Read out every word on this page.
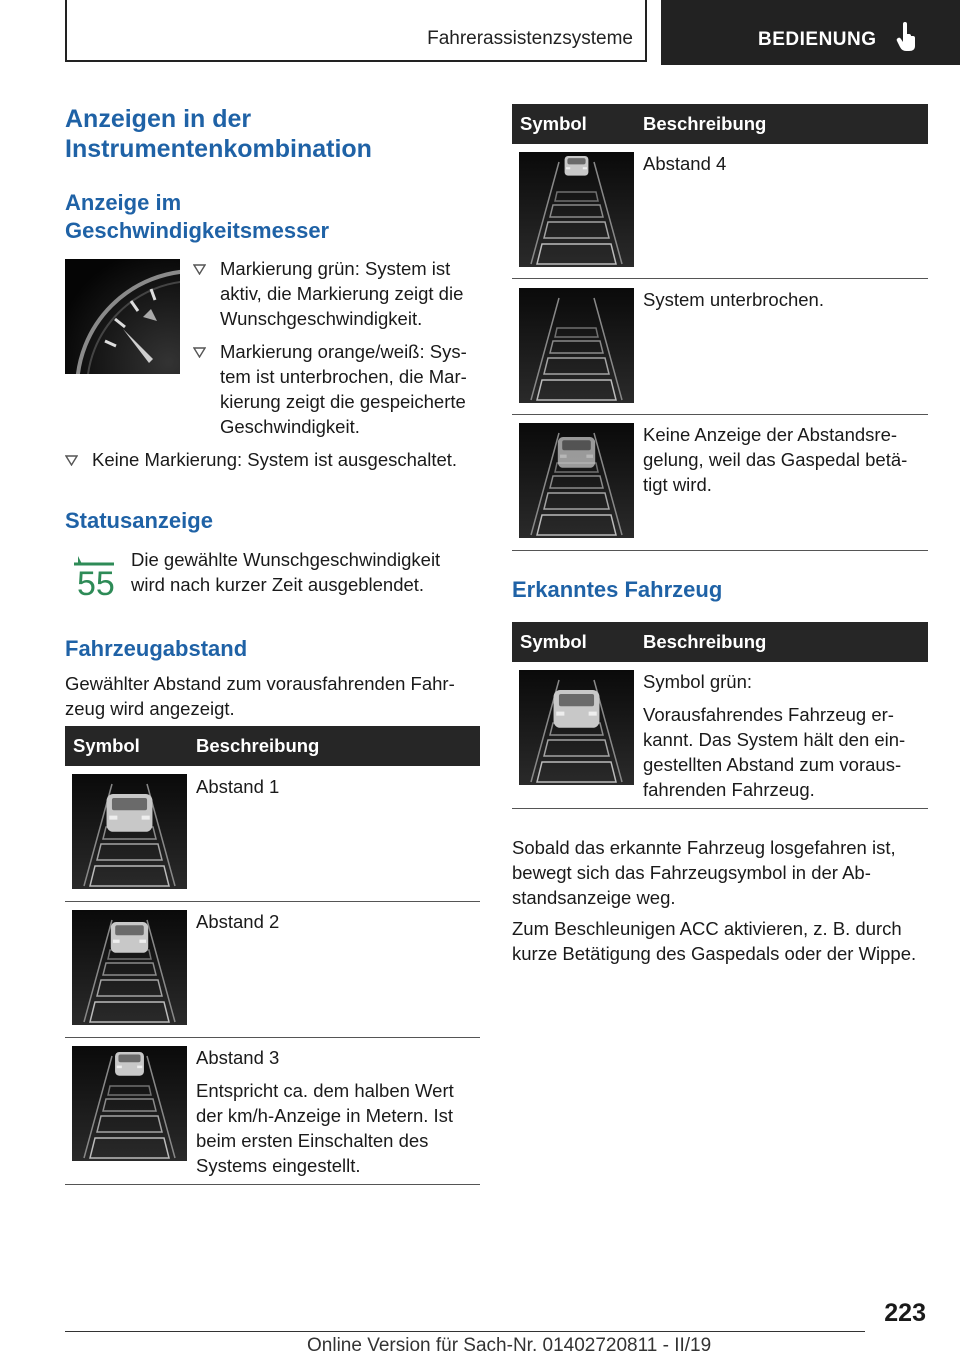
Fahrerassistenzsysteme	BEDIENUNG
Anzeigen in der Instrumentenkombination
Anzeige im Geschwindigkeitsmesser
Markierung grün: System ist aktiv, die Markierung zeigt die Wunschgeschwindigkeit.
Markierung orange/weiß: Sys-tem ist unterbrochen, die Mar-kierung zeigt die gespeicherte Geschwindigkeit.
Keine Markierung: System ist ausgeschaltet.
Statusanzeige
55
Die gewählte Wunschgeschwindigkeit wird nach kurzer Zeit ausgeblendet.
Fahrzeugabstand
Gewählter Abstand zum vorausfahrenden Fahr-zeug wird angezeigt.
Symbol	Beschreibung
Abstand 1
Abstand 2

Abstand 3

Entspricht ca. dem halben Wert der km/h-Anzeige in Metern. Ist beim ersten Einschalten des Systems eingestellt.

Symbol	Beschreibung
Abstand 4
System unterbrochen.
Keine Anzeige der Abstandsre-gelung, weil das Gaspedal betä-tigt wird.
Erkanntes Fahrzeug
Symbol	Beschreibung

Symbol grün:

Vorausfahrendes Fahrzeug er-kannt. Das System hält den ein-gestellten Abstand zum voraus-fahrenden Fahrzeug.

Sobald das erkannte Fahrzeug losgefahren ist, bewegt sich das Fahrzeugsymbol in der Ab-standsanzeige weg.
Zum Beschleunigen ACC aktivieren, z. B. durch kurze Betätigung des Gaspedals oder der Wippe.
223
Online Version für Sach-Nr. 01402720811 - II/19
